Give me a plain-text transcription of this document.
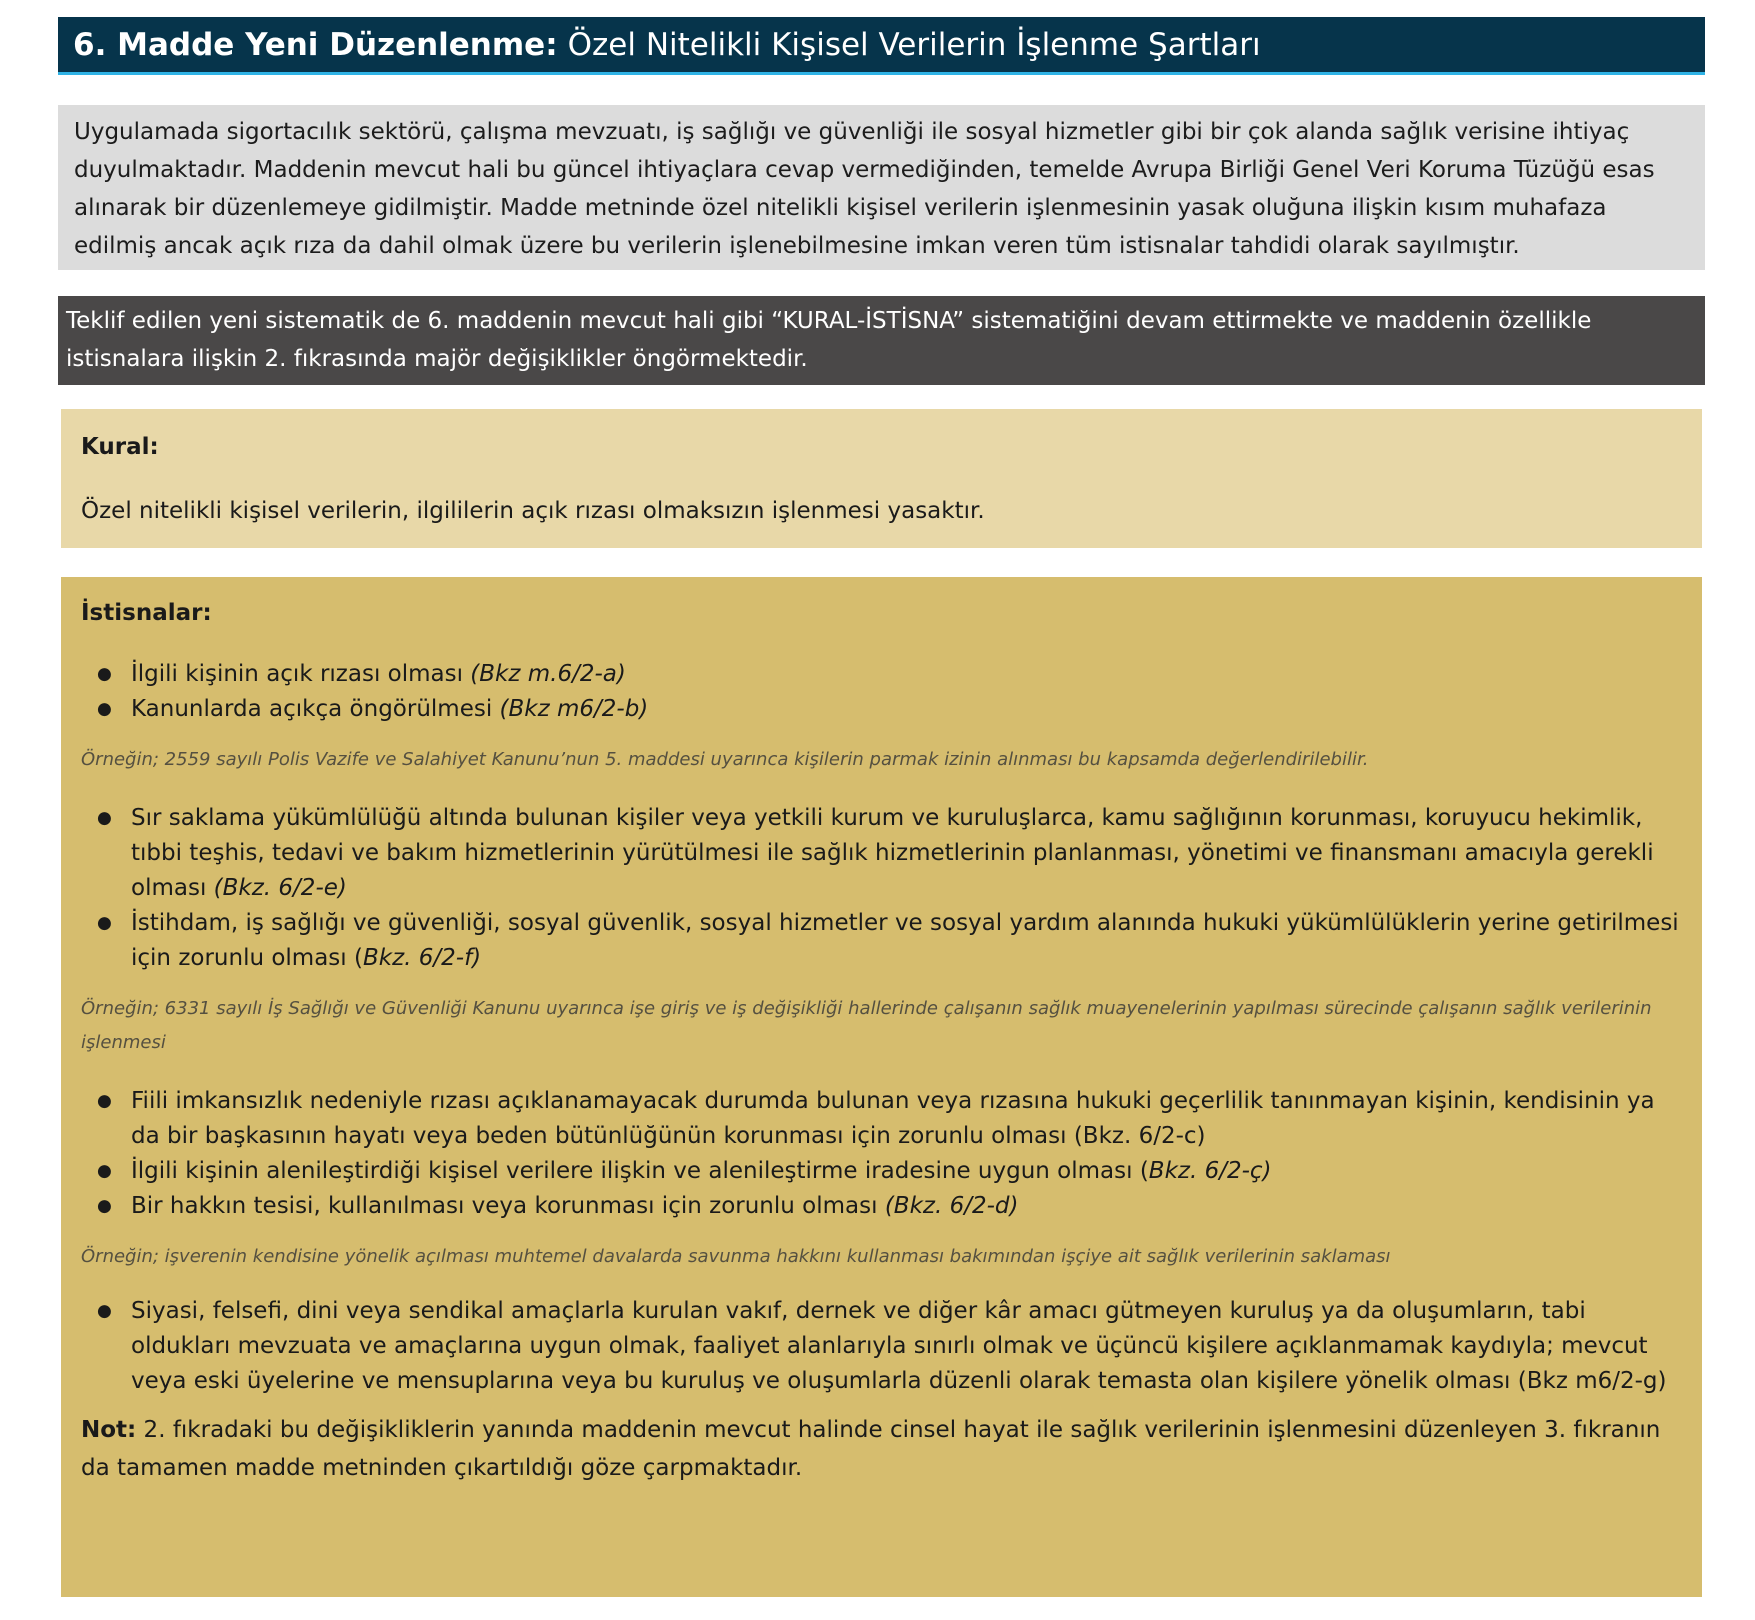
6. Madde Yeni Düzenlenme: Özel Nitelikli Kişisel Verilerin İşlenme Şartları
Uygulamada sigortacılık sektörü, çalışma mevzuatı, iş sağlığı ve güvenliği ile sosyal hizmetler gibi bir çok alanda sağlık verisine ihtiyaç duyulmaktadır. Maddenin mevcut hali bu güncel ihtiyaçlara cevap vermediğinden, temelde Avrupa Birliği Genel Veri Koruma Tüzüğü esas alınarak bir düzenlemeye gidilmiştir. Madde metninde özel nitelikli kişisel verilerin işlenmesinin yasak oluğuna ilişkin kısım muhafaza edilmiş ancak açık rıza da dahil olmak üzere bu verilerin işlenebilmesine imkan veren tüm istisnalar tahdidi olarak sayılmıştır.
Teklif edilen yeni sistematik de 6. maddenin mevcut hali gibi “KURAL-İSTİSNA” sistematiğini devam ettirmekte ve maddenin özellikle istisnalara ilişkin 2. fıkrasında majör değişiklikler öngörmektedir.
Kural:
Özel nitelikli kişisel verilerin, ilgililerin açık rızası olmaksızın işlenmesi yasaktır.
İstisnalar:
● İlgili kişinin açık rızası olması (Bkz m.6/2-a)
● Kanunlarda açıkça öngörülmesi (Bkz m6/2-b)
Örneğin; 2559 sayılı Polis Vazife ve Salahiyet Kanunu’nun 5. maddesi uyarınca kişilerin parmak izinin alınması bu kapsamda değerlendirilebilir.
● Sır saklama yükümlülüğü altında bulunan kişiler veya yetkili kurum ve kuruluşlarca, kamu sağlığının korunması, koruyucu hekimlik, tıbbi teşhis, tedavi ve bakım hizmetlerinin yürütülmesi ile sağlık hizmetlerinin planlanması, yönetimi ve finansmanı amacıyla gerekli olması (Bkz. 6/2-e)
● İstihdam, iş sağlığı ve güvenliği, sosyal güvenlik, sosyal hizmetler ve sosyal yardım alanında hukuki yükümlülüklerin yerine getirilmesi için zorunlu olması (Bkz. 6/2-f)
Örneğin; 6331 sayılı İş Sağlığı ve Güvenliği Kanunu uyarınca işe giriş ve iş değişikliği hallerinde çalışanın sağlık muayenelerinin yapılması sürecinde çalışanın sağlık verilerinin işlenmesi
● Fiili imkansızlık nedeniyle rızası açıklanamayacak durumda bulunan veya rızasına hukuki geçerlilik tanınmayan kişinin, kendisinin ya da bir başkasının hayatı veya beden bütünlüğünün korunması için zorunlu olması (Bkz. 6/2-c)
● İlgili kişinin alenileştirdiği kişisel verilere ilişkin ve alenileştirme iradesine uygun olması (Bkz. 6/2-ç)
● Bir hakkın tesisi, kullanılması veya korunması için zorunlu olması (Bkz. 6/2-d)
Örneğin; işverenin kendisine yönelik açılması muhtemel davalarda savunma hakkını kullanması bakımından işçiye ait sağlık verilerinin saklaması
● Siyasi, felsefi, dini veya sendikal amaçlarla kurulan vakıf, dernek ve diğer kâr amacı gütmeyen kuruluş ya da oluşumların, tabi oldukları mevzuata ve amaçlarına uygun olmak, faaliyet alanlarıyla sınırlı olmak ve üçüncü kişilere açıklanmamak kaydıyla; mevcut veya eski üyelerine ve mensuplarına veya bu kuruluş ve oluşumlarla düzenli olarak temasta olan kişilere yönelik olması (Bkz m6/2-g)
Not: 2. fıkradaki bu değişikliklerin yanında maddenin mevcut halinde cinsel hayat ile sağlık verilerinin işlenmesini düzenleyen 3. fıkranın da tamamen madde metninden çıkartıldığı göze çarpmaktadır.
